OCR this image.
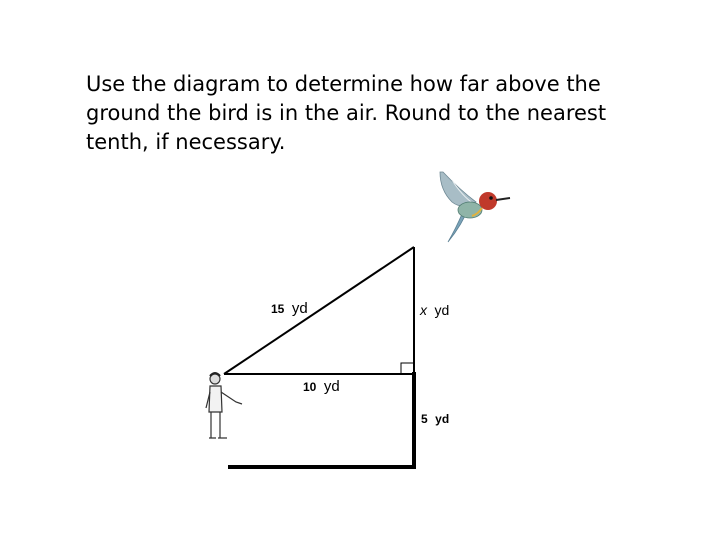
Use the diagram to determine how far above the
ground the bird is in the air. Round to the nearest
tenth, if necessary.

15 yd	x yd
10 yd
5 yd
